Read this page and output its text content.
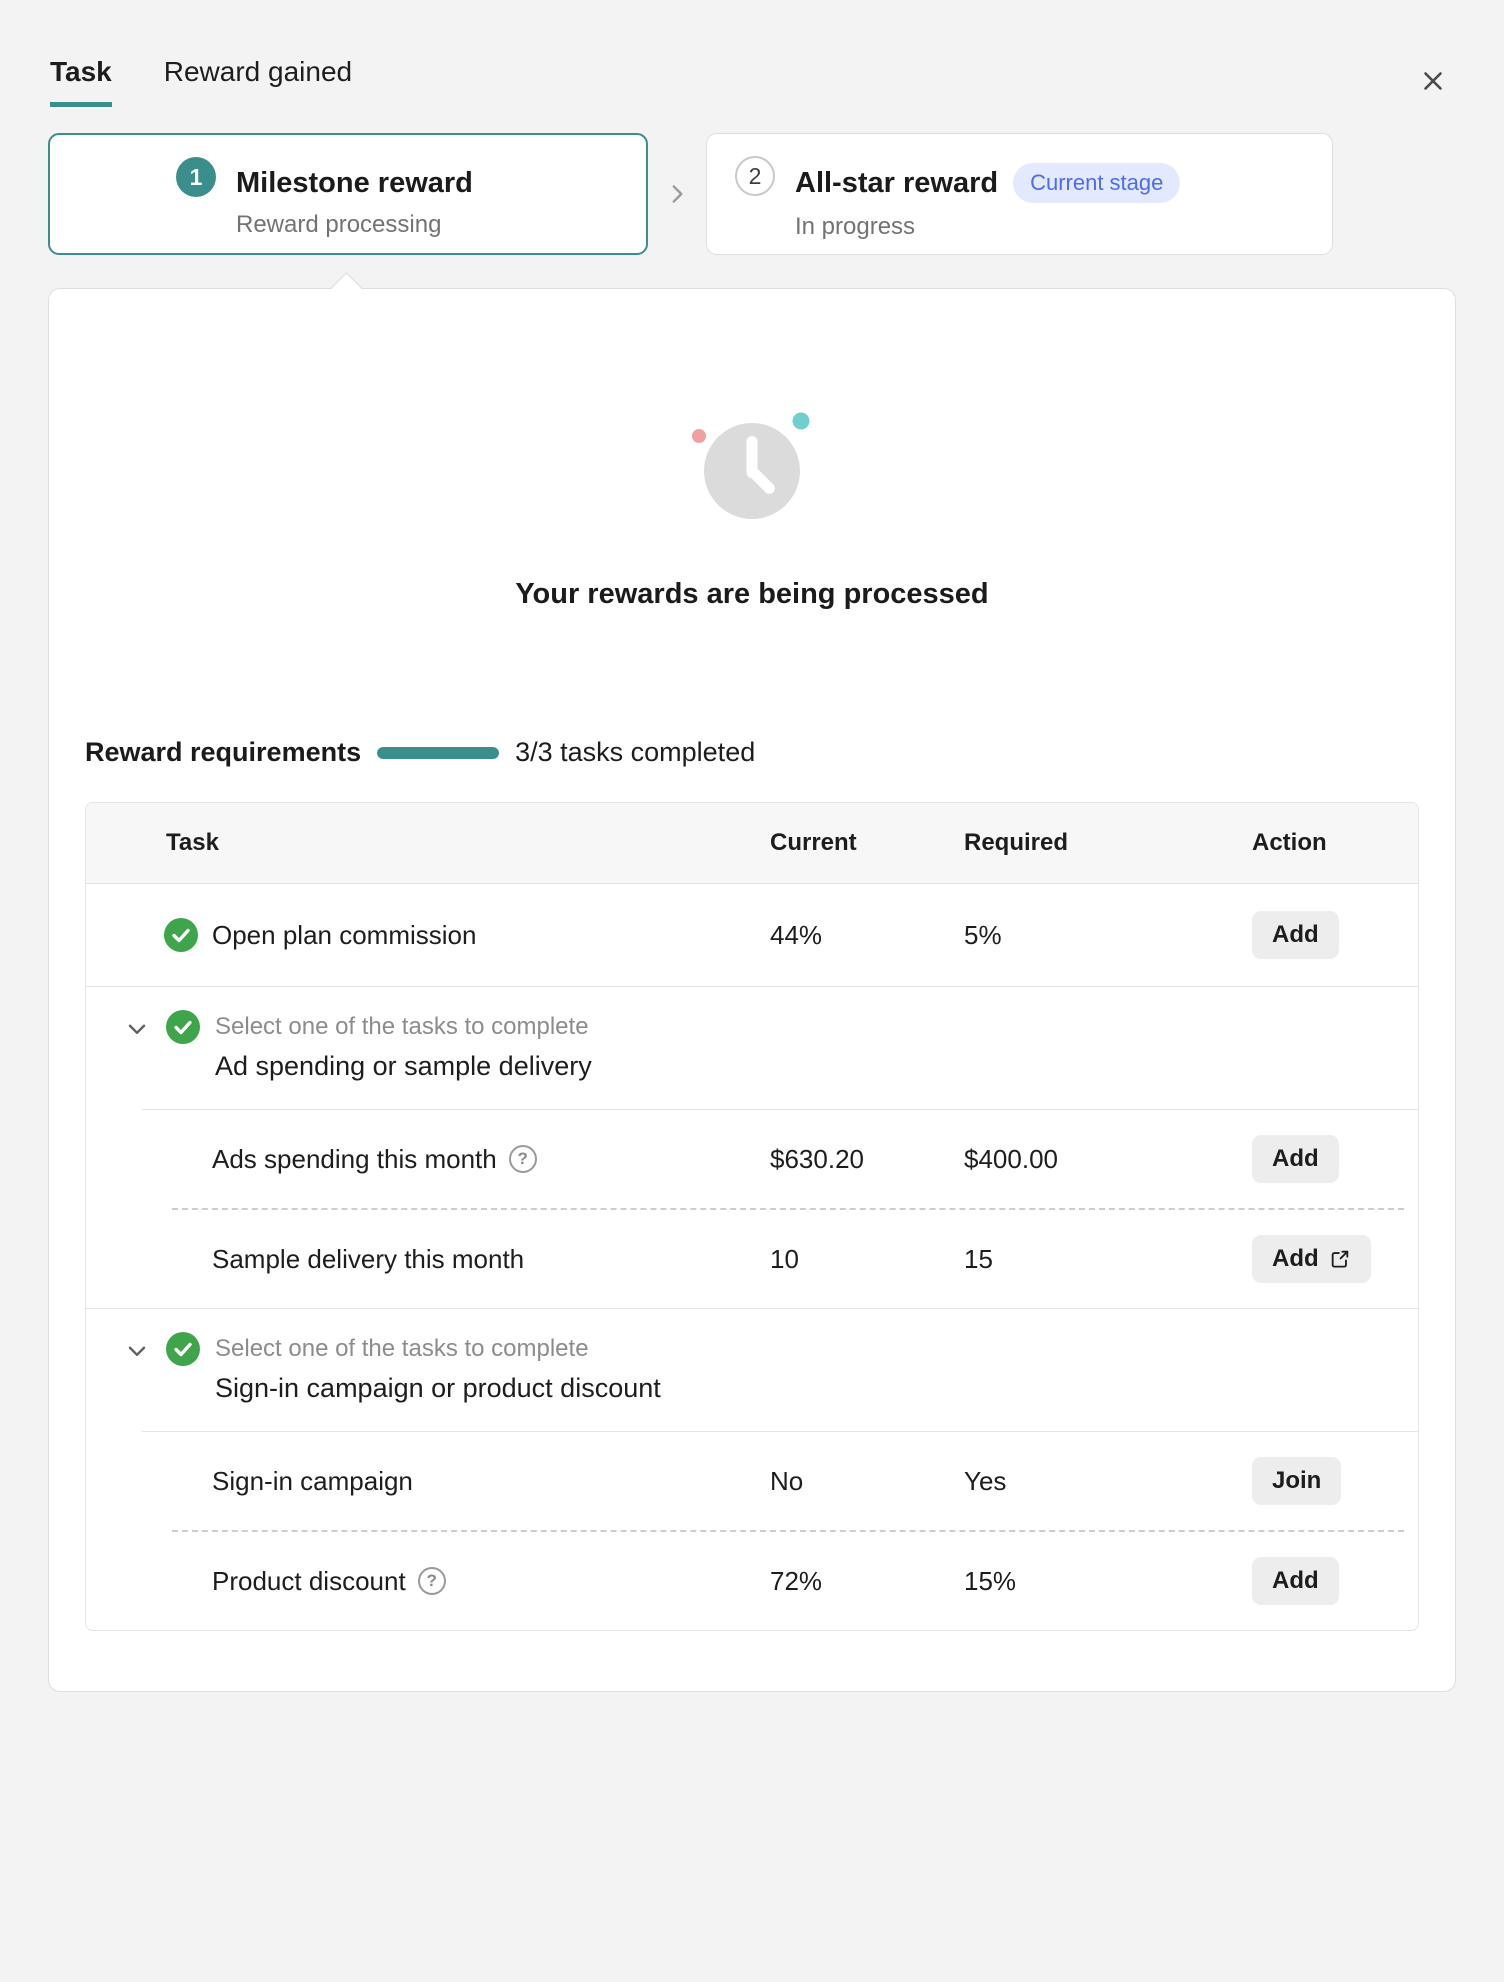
Task Reward gained
1	Milestone reward
Reward processing
2	All-star reward	Current stage
In progress
Your rewards are being processed
Reward requirements	3/3 tasks completed
Task	Current	Required	Action
Open plan commission	44%	5%	Add
Select one of the tasks to complete
Ad spending or sample delivery
Ads spending this month	?	$630.20	$400.00	Add
Sample delivery this month	10	15	Add
Select one of the tasks to complete
Sign-in campaign or product discount
Sign-in campaign	No	Yes	Join
Product discount	?	72%	15%	Add
